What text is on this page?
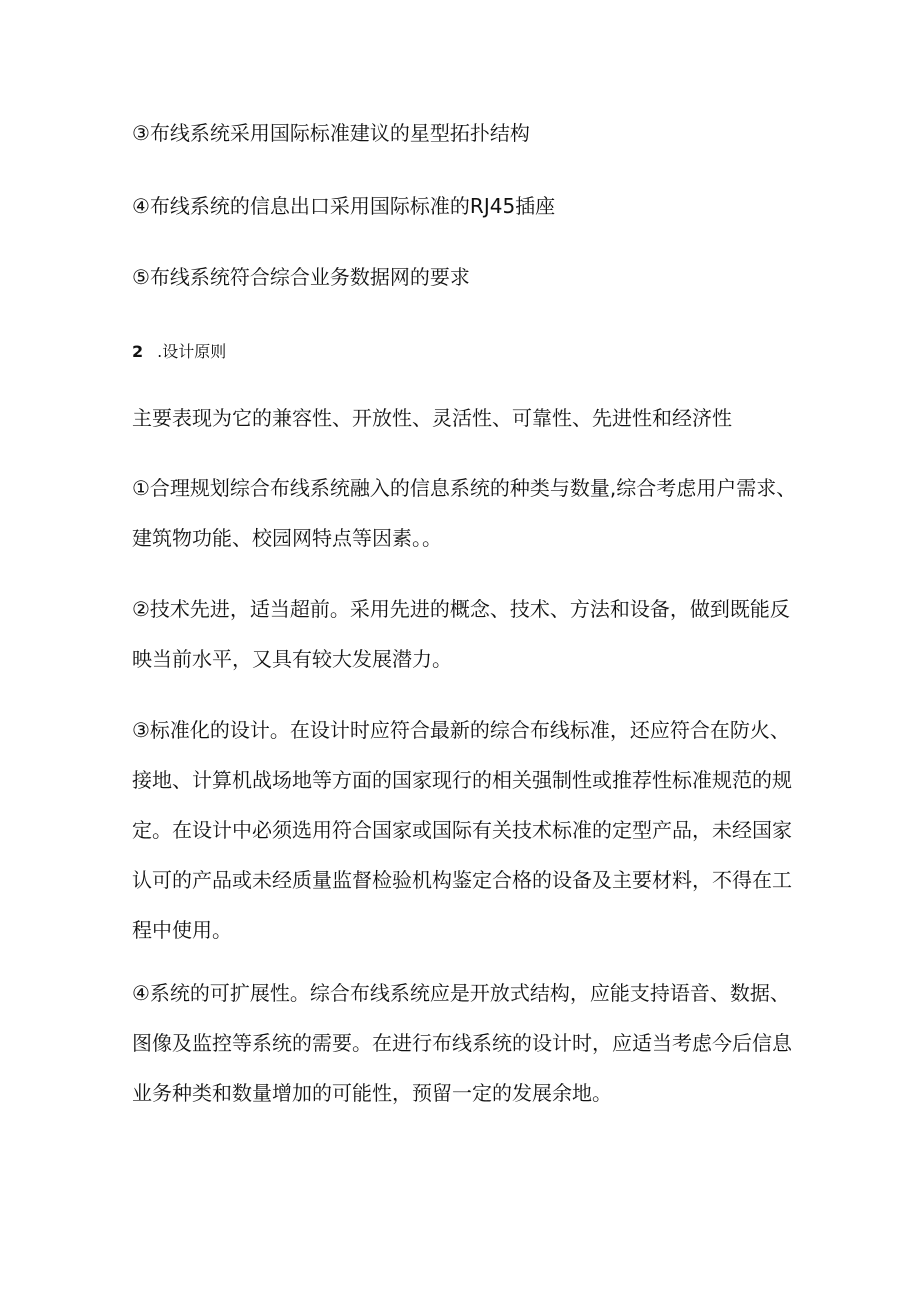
③布线系统采用国际标准建议的星型拓扑结构

④布线系统的信息出口采用国际标准的RJ45插座

⑤布线系统符合综合业务数据网的要求

2 .设计原则

主要表现为它的兼容性、开放性、灵活性、可靠性、先进性和经济性

①合理规划综合布线系统融入的信息系统的种类与数量,综合考虑用户需求、
建筑物功能、校园网特点等因素。。

②技术先进，适当超前。采用先进的概念、技术、方法和设备，做到既能反
映当前水平，又具有较大发展潜力。

③标准化的设计。在设计时应符合最新的综合布线标准，还应符合在防火、
接地、计算机战场地等方面的国家现行的相关强制性或推荐性标准规范的规
定。在设计中必须选用符合国家或国际有关技术标准的定型产品，未经国家
认可的产品或未经质量监督检验机构鉴定合格的设备及主要材料，不得在工
程中使用。

④系统的可扩展性。综合布线系统应是开放式结构，应能支持语音、数据、
图像及监控等系统的需要。在进行布线系统的设计时，应适当考虑今后信息
业务种类和数量增加的可能性，预留一定的发展余地。
